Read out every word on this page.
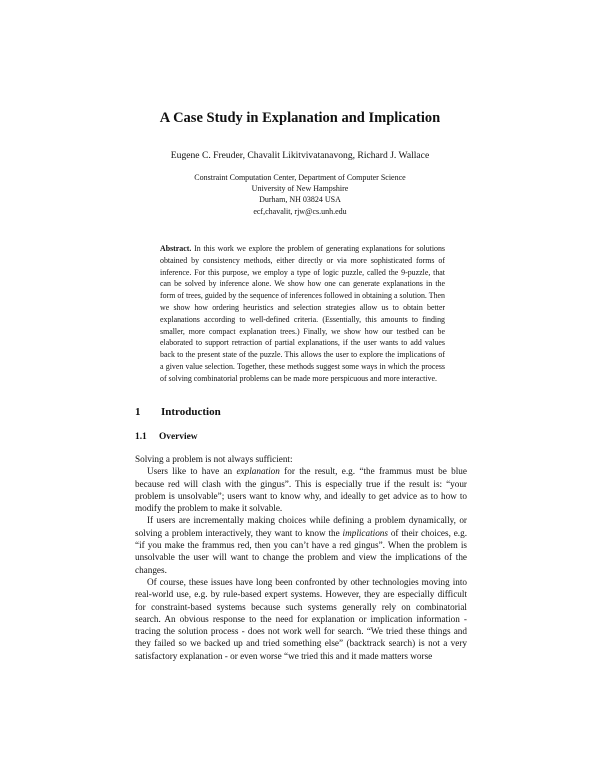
A Case Study in Explanation and Implication
Eugene C. Freuder, Chavalit Likitvivatanavong, Richard J. Wallace
Constraint Computation Center, Department of Computer Science
University of New Hampshire
Durham, NH 03824 USA
ecf,chavalit, rjw@cs.unh.edu
Abstract. In this work we explore the problem of generating explanations for solutions obtained by consistency methods, either directly or via more sophisticated forms of inference. For this purpose, we employ a type of logic puzzle, called the 9-puzzle, that can be solved by inference alone. We show how one can generate explanations in the form of trees, guided by the sequence of inferences followed in obtaining a solution. Then we show how ordering heuristics and selection strategies allow us to obtain better explanations according to well-defined criteria. (Essentially, this amounts to finding smaller, more compact explanation trees.) Finally, we show how our testbed can be elaborated to support retraction of partial explanations, if the user wants to add values back to the present state of the puzzle. This allows the user to explore the implications of a given value selection. Together, these methods suggest some ways in which the process of solving combinatorial problems can be made more perspicuous and more interactive.
1 Introduction
1.1 Overview

Solving a problem is not always sufficient:

Users like to have an explanation for the result, e.g. “the frammus must be blue because red will clash with the gingus”. This is especially true if the result is: “your problem is unsolvable”; users want to know why, and ideally to get advice as to how to modify the problem to make it solvable.

If users are incrementally making choices while defining a problem dynamically, or solving a problem interactively, they want to know the implications of their choices, e.g. “if you make the frammus red, then you can’t have a red gingus”. When the problem is unsolvable the user will want to change the problem and view the implications of the changes.

Of course, these issues have long been confronted by other technologies moving into real-world use, e.g. by rule-based expert systems. However, they are especially difficult for constraint-based systems because such systems generally rely on combinatorial search. An obvious response to the need for explanation or implication information - tracing the solution process - does not work well for search. “We tried these things and they failed so we backed up and tried something else” (backtrack search) is not a very satisfactory explanation - or even worse “we tried this and it made matters worse
